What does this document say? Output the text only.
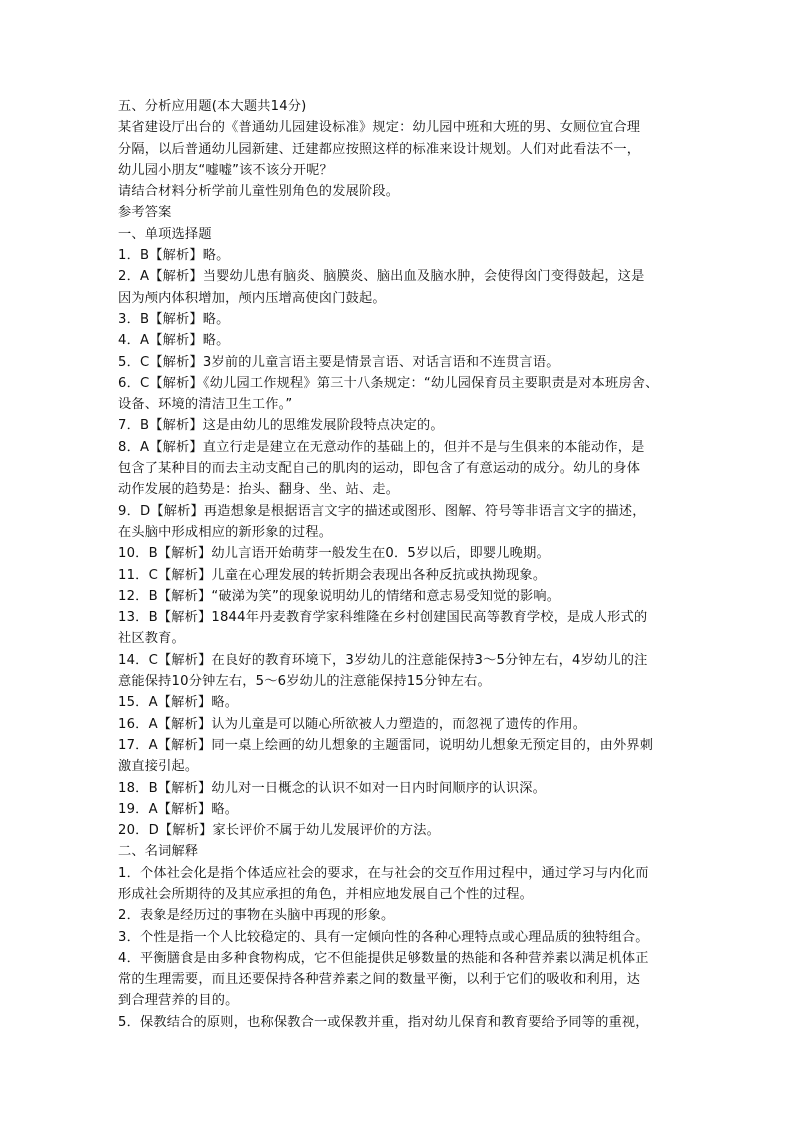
五、分析应用题(本大题共14分)
某省建设厅出台的《普通幼儿园建设标准》规定：幼儿园中班和大班的男、女厕位宜合理
分隔，以后普通幼儿园新建、迁建都应按照这样的标准来设计规划。人们对此看法不一，
幼儿园小朋友“嘘嘘”该不该分开呢？
请结合材料分析学前儿童性别角色的发展阶段。
参考答案
一、单项选择题
1．B【解析】略。
2．A【解析】当婴幼儿患有脑炎、脑膜炎、脑出血及脑水肿，会使得囟门变得鼓起，这是
因为颅内体积增加，颅内压增高使囟门鼓起。
3．B【解析】略。
4．A【解析】略。
5．C【解析】3岁前的儿童言语主要是情景言语、对话言语和不连贯言语。
6．C【解析】《幼儿园工作规程》第三十八条规定：“幼儿园保育员主要职责是对本班房舍、
设备、环境的清洁卫生工作。”
7．B【解析】这是由幼儿的思维发展阶段特点决定的。
8．A【解析】直立行走是建立在无意动作的基础上的，但并不是与生俱来的本能动作，是
包含了某种目的而去主动支配自己的肌肉的运动，即包含了有意运动的成分。幼儿的身体
动作发展的趋势是：抬头、翻身、坐、站、走。
9．D【解析】再造想象是根据语言文字的描述或图形、图解、符号等非语言文字的描述，
在头脑中形成相应的新形象的过程。
10．B【解析】幼儿言语开始萌芽一般发生在0．5岁以后，即婴儿晚期。
11．C【解析】儿童在心理发展的转折期会表现出各种反抗或执拗现象。
12．B【解析】“破涕为笑”的现象说明幼儿的情绪和意志易受知觉的影响。
13．B【解析】1844年丹麦教育学家科维隆在乡村创建国民高等教育学校，是成人形式的
社区教育。
14．C【解析】在良好的教育环境下，3岁幼儿的注意能保持3～5分钟左右，4岁幼儿的注
意能保持10分钟左右，5～6岁幼儿的注意能保持15分钟左右。
15．A【解析】略。
16．A【解析】认为儿童是可以随心所欲被人力塑造的，而忽视了遗传的作用。
17．A【解析】同一桌上绘画的幼儿想象的主题雷同，说明幼儿想象无预定目的，由外界刺
激直接引起。
18．B【解析】幼儿对一日概念的认识不如对一日内时间顺序的认识深。
19．A【解析】略。
20．D【解析】家长评价不属于幼儿发展评价的方法。
二、名词解释
1．个体社会化是指个体适应社会的要求，在与社会的交互作用过程中，通过学习与内化而
形成社会所期待的及其应承担的角色，并相应地发展自己个性的过程。
2．表象是经历过的事物在头脑中再现的形象。
3．个性是指一个人比较稳定的、具有一定倾向性的各种心理特点或心理品质的独特组合。
4．平衡膳食是由多种食物构成，它不但能提供足够数量的热能和各种营养素以满足机体正
常的生理需要，而且还要保持各种营养素之间的数量平衡，以利于它们的吸收和利用，达
到合理营养的目的。
5．保教结合的原则，也称保教合一或保教并重，指对幼儿保育和教育要给予同等的重视，
